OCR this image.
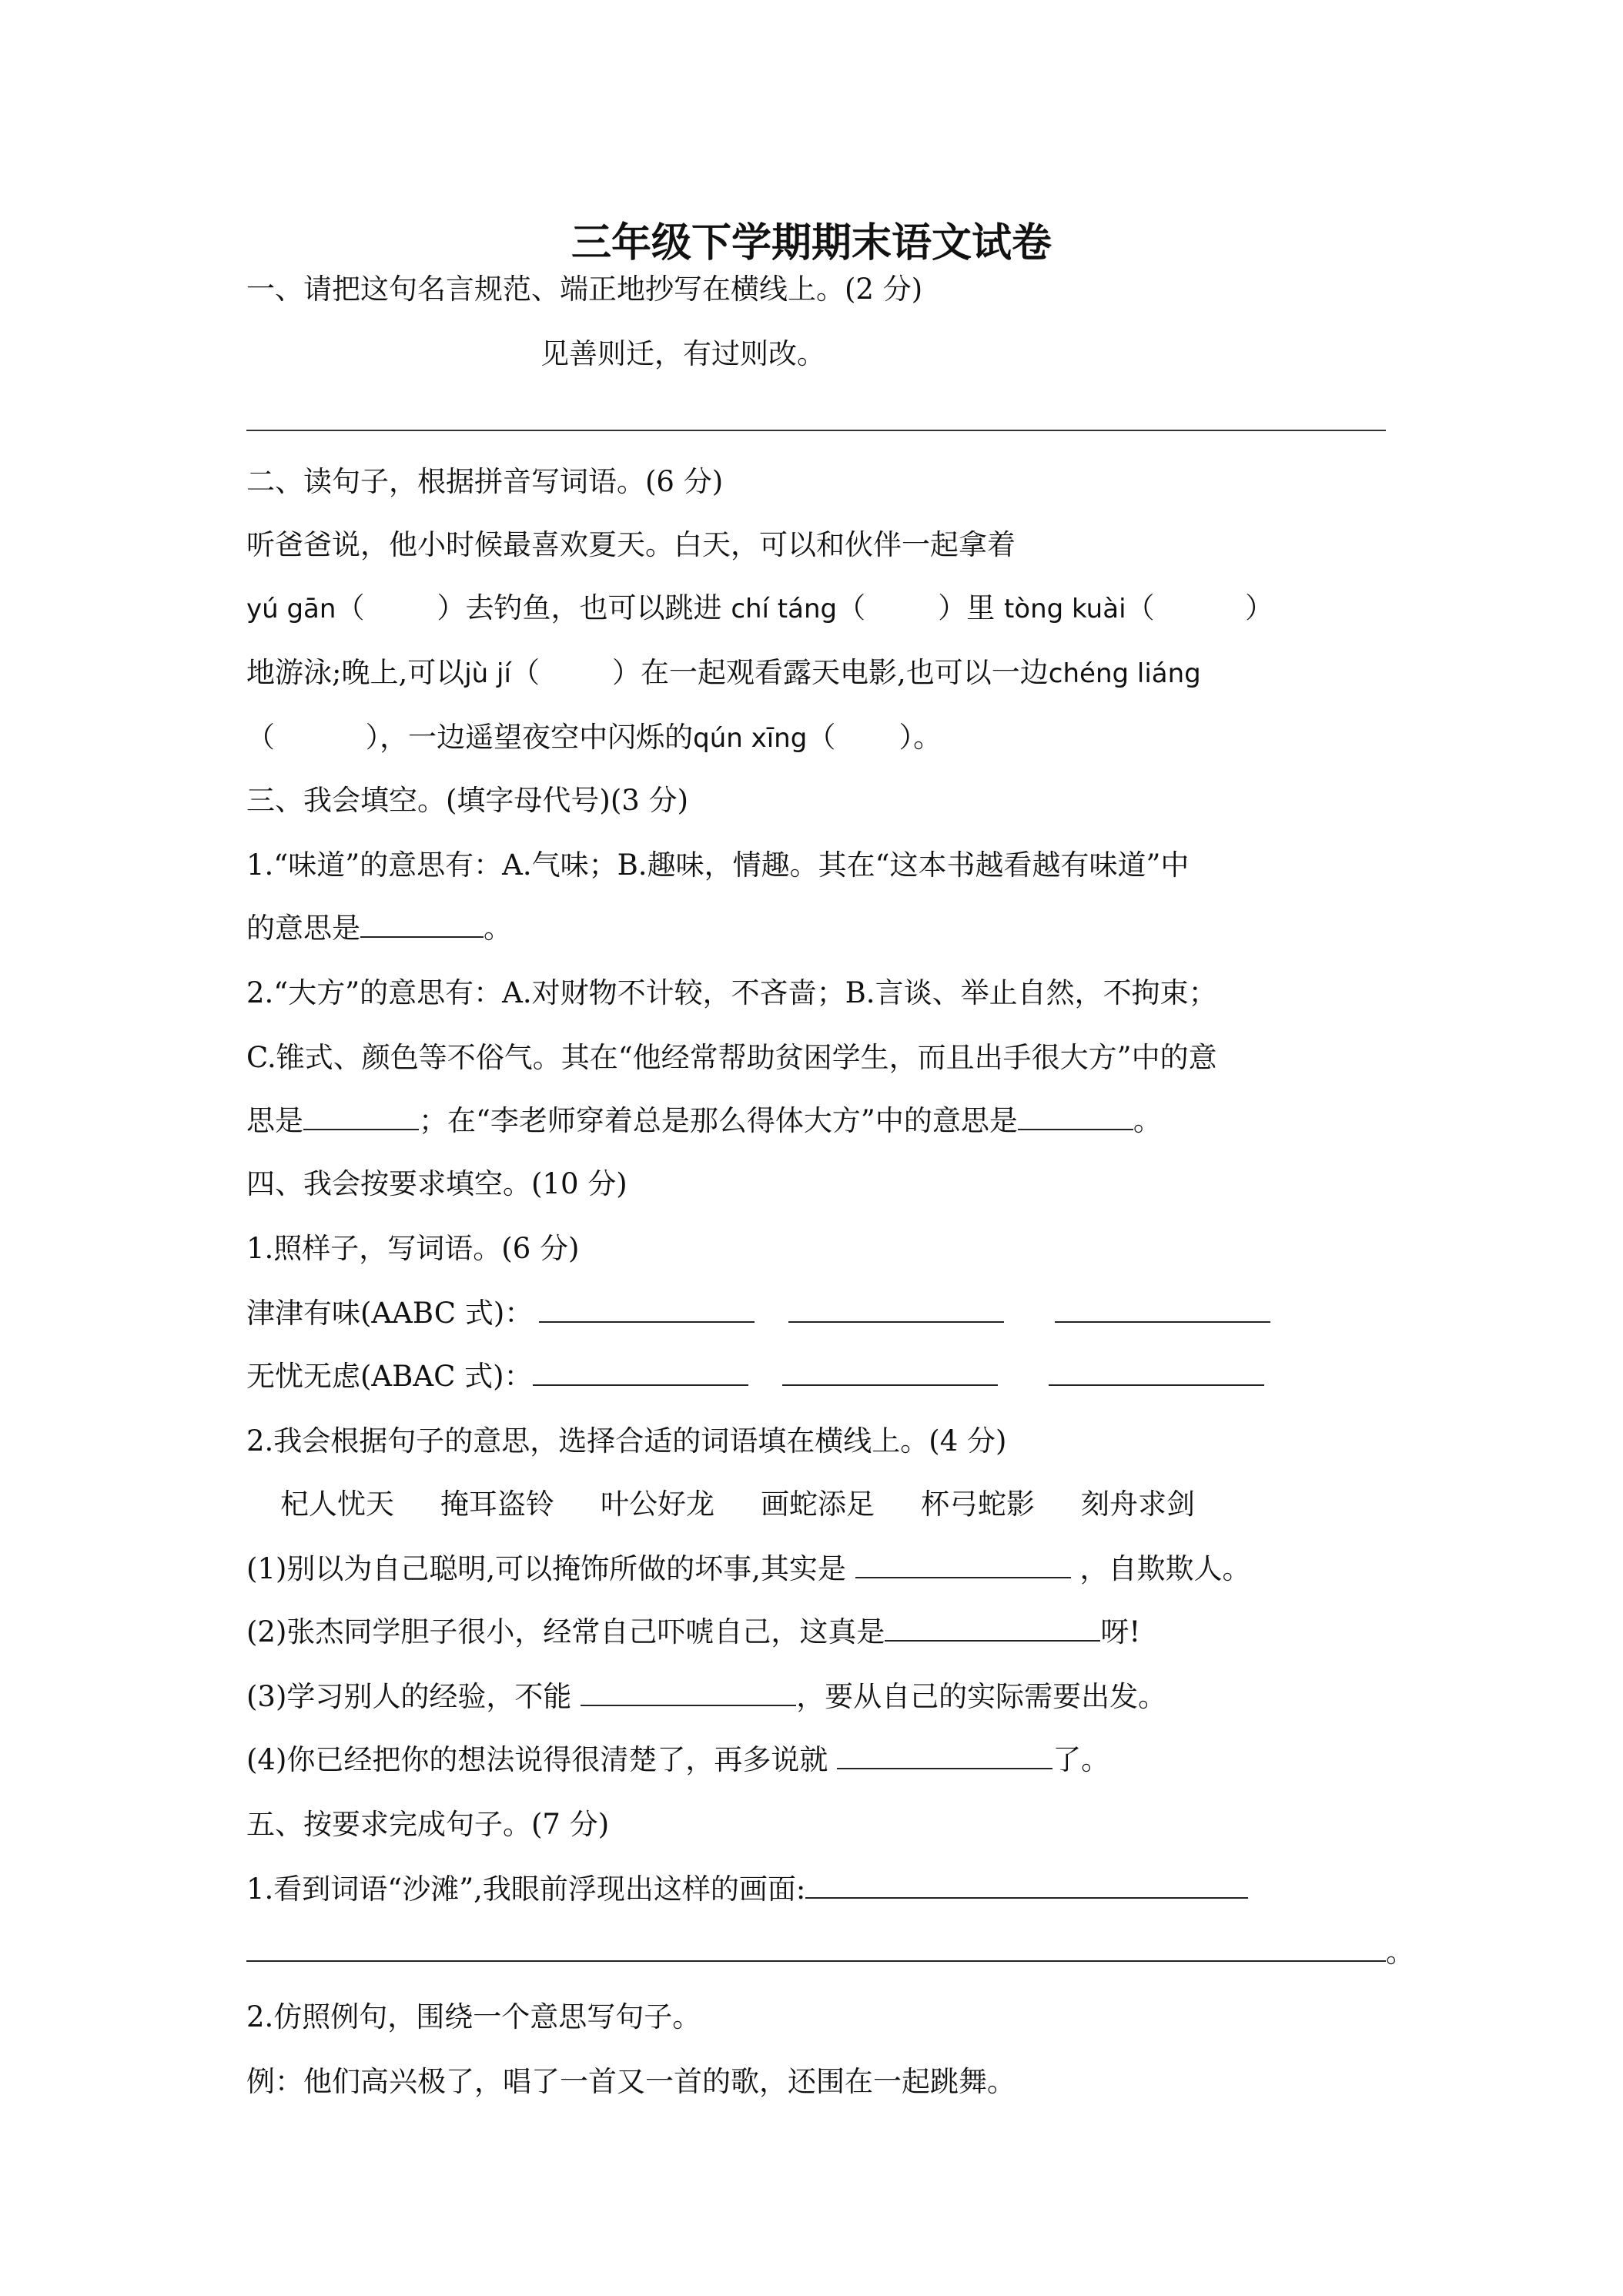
三年级下学期期末语文试卷
一、请把这句名言规范、端正地抄写在横线上。(2 分)
见善则迁，有过则改。
二、读句子，根据拼音写词语。(6 分)
听爸爸说，他小时候最喜欢夏天。白天，可以和伙伴一起拿着
yú gān（        ）去钓鱼，也可以跳进 chí táng（        ）里 tòng kuài（          ）
地游泳;晚上,可以jù jí（        ）在一起观看露天电影,也可以一边chéng liáng
（          ），一边遥望夜空中闪烁的qún xīng（       ）。
三、我会填空。(填字母代号)(3 分)
1.“味道”的意思有：A.气味；B.趣味，情趣。其在“这本书越看越有味道”中
的意思是	。
2.“大方”的意思有：A.对财物不计较，不吝啬；B.言谈、举止自然，不拘束；
C.锥式、颜色等不俗气。其在“他经常帮助贫困学生，而且出手很大方”中的意
思是	；在“李老师穿着总是那么得体大方”中的意思是	。
四、我会按要求填空。(10 分)
1.照样子，写词语。(6 分)
津津有味(AABC 式)：
无忧无虑(ABAC 式)：
2.我会根据句子的意思，选择合适的词语填在横线上。(4 分)
杞人忧天 掩耳盗铃 叶公好龙 画蛇添足 杯弓蛇影 刻舟求剑
(1)别以为自己聪明,可以掩饰所做的坏事,其实是	，自欺欺人。
(2)张杰同学胆子很小，经常自己吓唬自己，这真是	呀!
(3)学习别人的经验，不能	，要从自己的实际需要出发。
(4)你已经把你的想法说得很清楚了，再多说就	了。
五、按要求完成句子。(7 分)
1.看到词语“沙滩”,我眼前浮现出这样的画面:
。
2.仿照例句，围绕一个意思写句子。
例：他们高兴极了，唱了一首又一首的歌，还围在一起跳舞。
